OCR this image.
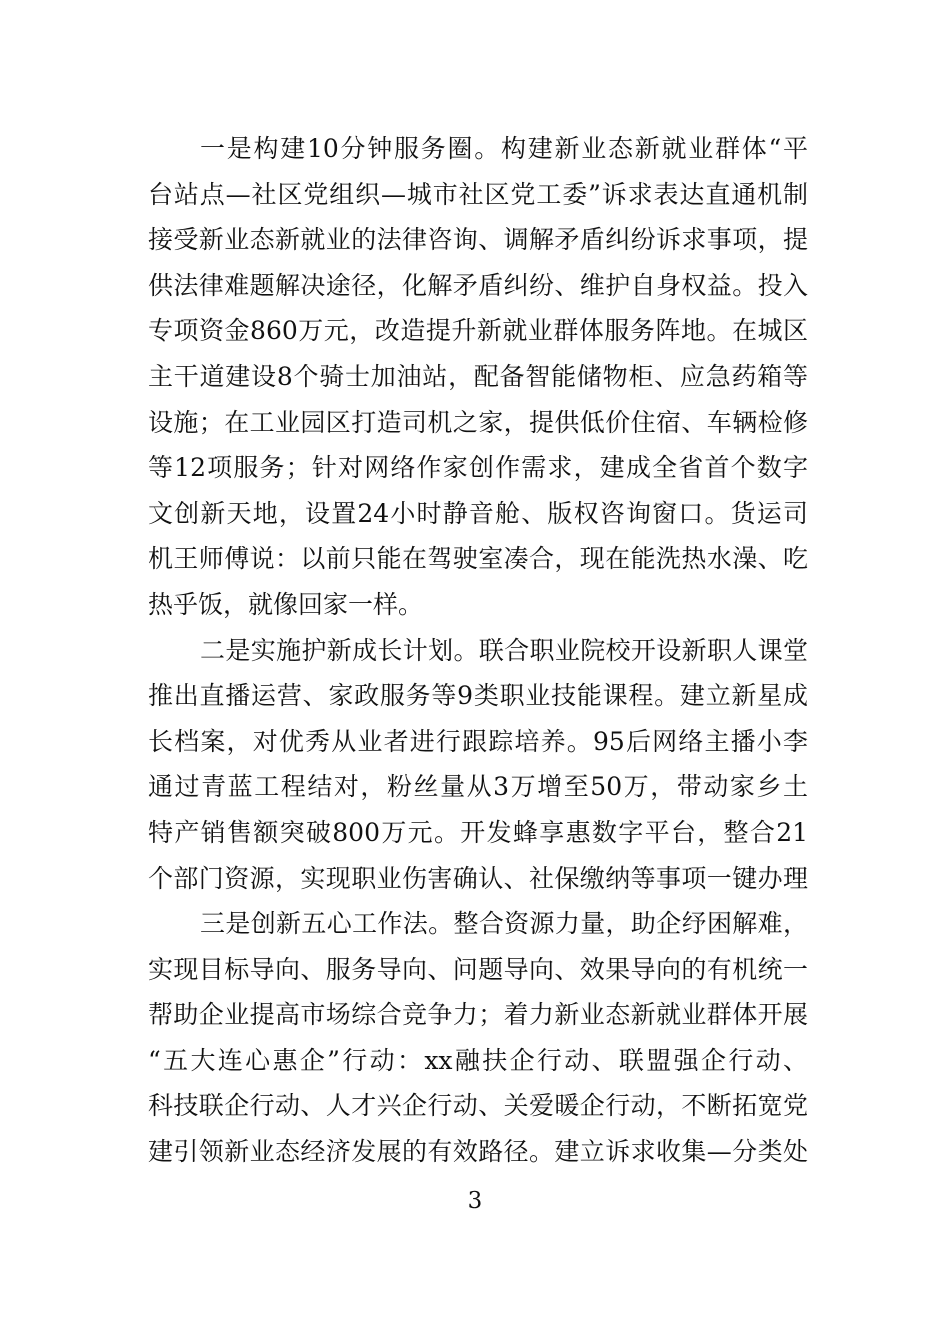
一是构建10分钟服务圈。构建新业态新就业群体“平
台站点—社区党组织—城市社区党工委”诉求表达直通机制
接受新业态新就业的法律咨询、调解矛盾纠纷诉求事项，提
供法律难题解决途径，化解矛盾纠纷、维护自身权益。投入
专项资金860万元，改造提升新就业群体服务阵地。在城区
主干道建设8个骑士加油站，配备智能储物柜、应急药箱等
设施；在工业园区打造司机之家，提供低价住宿、车辆检修
等12项服务；针对网络作家创作需求，建成全省首个数字
文创新天地，设置24小时静音舱、版权咨询窗口。货运司
机王师傅说：以前只能在驾驶室凑合，现在能洗热水澡、吃
热乎饭，就像回家一样。
二是实施护新成长计划。联合职业院校开设新职人课堂
推出直播运营、家政服务等9类职业技能课程。建立新星成
长档案，对优秀从业者进行跟踪培养。95后网络主播小李
通过青蓝工程结对，粉丝量从3万增至50万，带动家乡土
特产销售额突破800万元。开发蜂享惠数字平台，整合21
个部门资源，实现职业伤害确认、社保缴纳等事项一键办理
三是创新五心工作法。整合资源力量，助企纾困解难，
实现目标导向、服务导向、问题导向、效果导向的有机统一
帮助企业提高市场综合竞争力；着力新业态新就业群体开展
“五大连心惠企”行动：xx融扶企行动、联盟强企行动、
科技联企行动、人才兴企行动、关爱暖企行动，不断拓宽党
建引领新业态经济发展的有效路径。建立诉求收集—分类处
3
